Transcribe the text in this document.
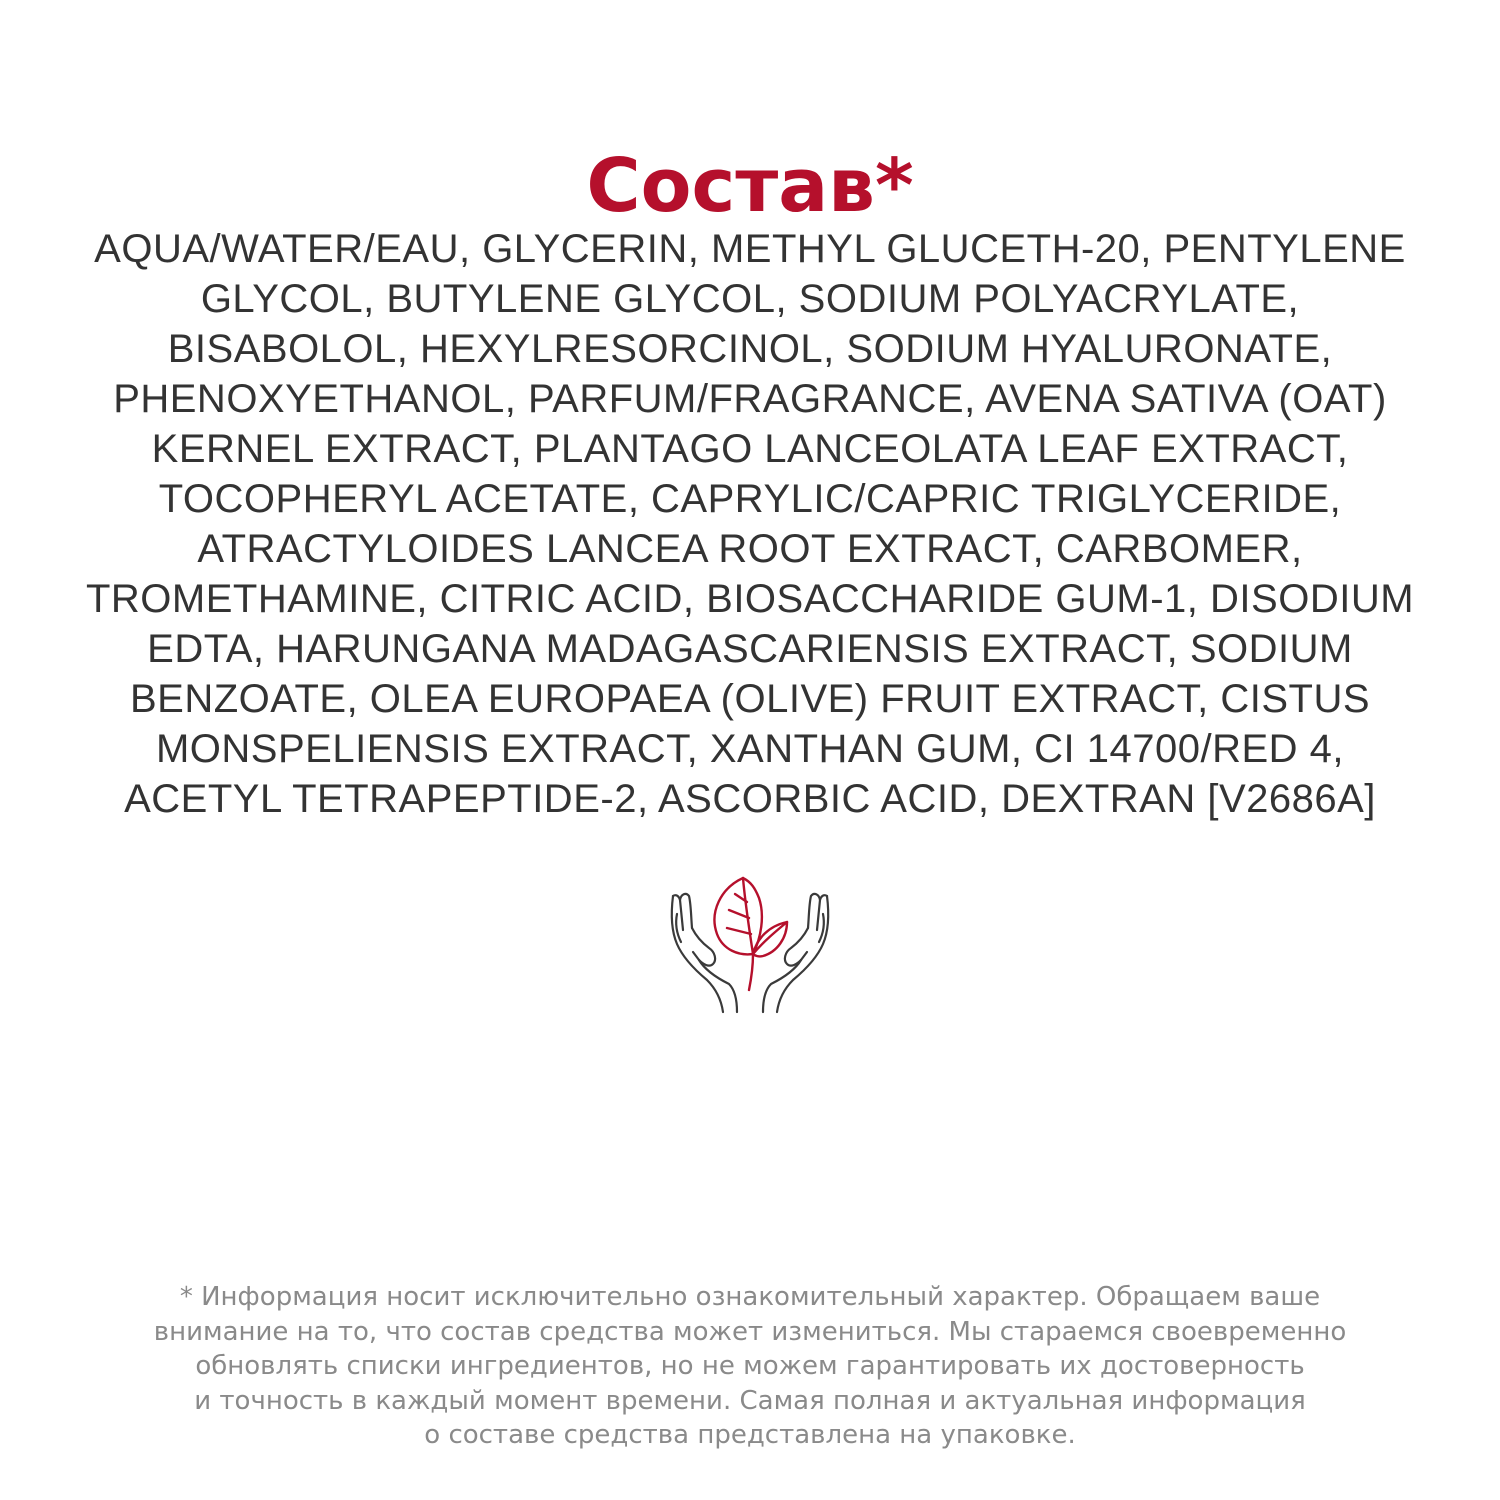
Состав*

AQUA/WATER/EAU, GLYCERIN, METHYL GLUCETH-20, PENTYLENE
GLYCOL, BUTYLENE GLYCOL, SODIUM POLYACRYLATE,
BISABOLOL, HEXYLRESORCINOL, SODIUM HYALURONATE,
PHENOXYETHANOL, PARFUM/FRAGRANCE, AVENA SATIVA (OAT)
KERNEL EXTRACT, PLANTAGO LANCEOLATA LEAF EXTRACT,
TOCOPHERYL ACETATE, CAPRYLIC/CAPRIC TRIGLYCERIDE,
ATRACTYLOIDES LANCEA ROOT EXTRACT, CARBOMER,
TROMETHAMINE, CITRIC ACID, BIOSACCHARIDE GUM-1, DISODIUM
EDTA, HARUNGANA MADAGASCARIENSIS EXTRACT, SODIUM
BENZOATE, OLEA EUROPAEA (OLIVE) FRUIT EXTRACT, CISTUS
MONSPELIENSIS EXTRACT, XANTHAN GUM, CI 14700/RED 4,
ACETYL TETRAPEPTIDE-2, ASCORBIC ACID, DEXTRAN [V2686A]

* Информация носит исключительно ознакомительный характер. Обращаем ваше
внимание на то, что состав средства может измениться. Мы стараемся своевременно
обновлять списки ингредиентов, но не можем гарантировать их достоверность
и точность в каждый момент времени. Самая полная и актуальная информация
о составе средства представлена на упаковке.
